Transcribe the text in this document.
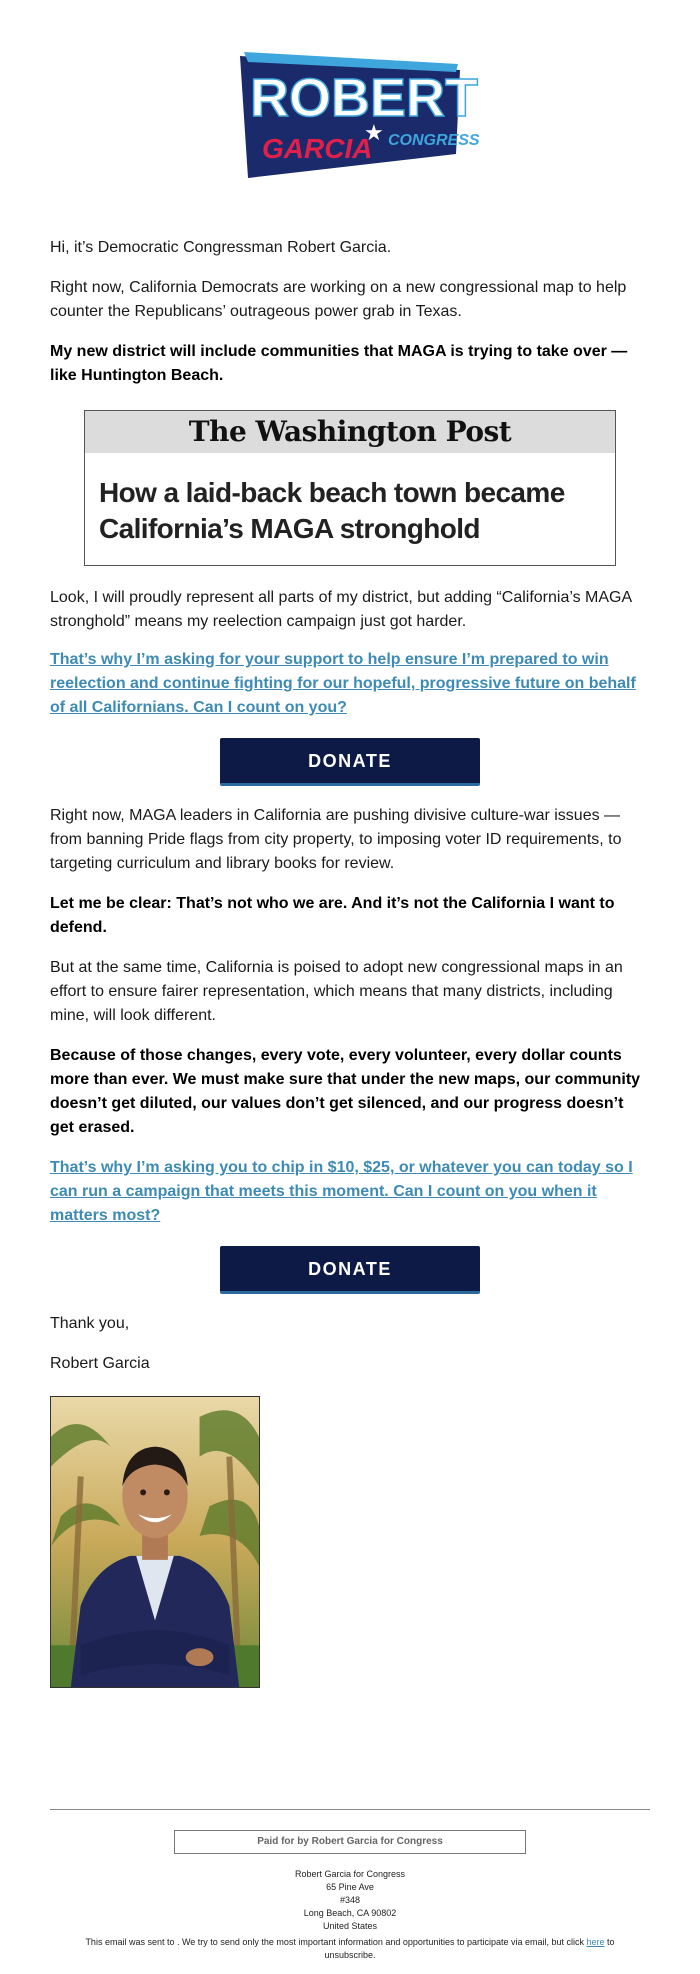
ROBERT
GARCIA
★ CONGRESS
Hi, it’s Democratic Congressman Robert Garcia.
Right now, California Democrats are working on a new congressional map to help counter the Republicans’ outrageous power grab in Texas.
My new district will include communities that MAGA is trying to take over — like Huntington Beach.
The Washington Post
How a laid-back beach town became California’s MAGA stronghold
Look, I will proudly represent all parts of my district, but adding “California’s MAGA stronghold” means my reelection campaign just got harder.
That’s why I’m asking for your support to help ensure I’m prepared to win reelection and continue fighting for our hopeful, progressive future on behalf of all Californians. Can I count on you?
DONATE
Right now, MAGA leaders in California are pushing divisive culture-war issues — from banning Pride flags from city property, to imposing voter ID requirements, to targeting curriculum and library books for review.
Let me be clear: That’s not who we are. And it’s not the California I want to defend.
But at the same time, California is poised to adopt new congressional maps in an effort to ensure fairer representation, which means that many districts, including mine, will look different.
Because of those changes, every vote, every volunteer, every dollar counts more than ever. We must make sure that under the new maps, our community doesn’t get diluted, our values don’t get silenced, and our progress doesn’t get erased.
That’s why I’m asking you to chip in $10, $25, or whatever you can today so I can run a campaign that meets this moment. Can I count on you when it matters most?
DONATE
Thank you,
Robert Garcia
Paid for by Robert Garcia for Congress
Robert Garcia for Congress
65 Pine Ave
#348
Long Beach, CA 90802
United States
This email was sent to . We try to send only the most important information and opportunities to participate via email, but click here to unsubscribe.
